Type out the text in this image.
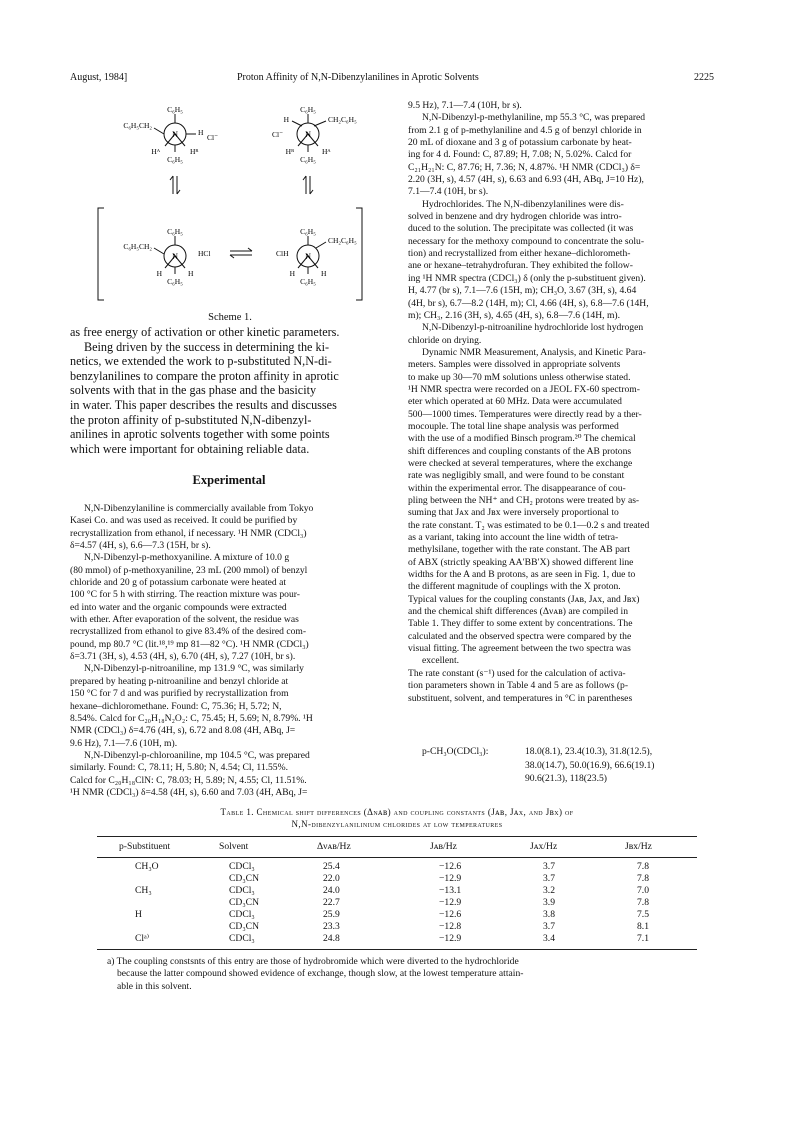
August, 1984]	Proton Affinity of N,N-Dibenzylanilines in Aprotic Solvents	2225
N
C₆H₅
C₆H₅CH₂
H
Cl⁻
Hᴬ	Hᴮ
C₆H₅
N
C₆H₅
H	CH₂C₆H₅
Cl⁻
Hᴮ	Hᴬ
C₆H₅
N
C₆H₅
C₆H₅CH₂
HCl
H	H
C₆H₅
N
C₆H₅
CH₂C₆H₅
ClH
H	H
C₆H₅
Scheme 1.

as free energy of activation or other kinetic parameters.

Being driven by the success in determining the ki-

netics, we extended the work to p-substituted N,N-di-

benzylanilines to compare the proton affinity in aprotic

solvents with that in the gas phase and the basicity

in water. This paper describes the results and discusses

the proton affinity of p-substituted N,N-dibenzyl-

anilines in aprotic solvents together with some points

which were important for obtaining reliable data.

Experimental

N,N-Dibenzylaniline is commercially available from Tokyo

Kasei Co. and was used as received. It could be purified by

recrystallization from ethanol, if necessary. ¹H NMR (CDCl₃)

δ=4.57 (4H, s), 6.6—7.3 (15H, br s).

N,N-Dibenzyl-p-methoxyaniline. A mixture of 10.0 g

(80 mmol) of p-methoxyaniline, 23 mL (200 mmol) of benzyl

chloride and 20 g of potassium carbonate were heated at

100 °C for 5 h with stirring. The reaction mixture was pour-

ed into water and the organic compounds were extracted

with ether. After evaporation of the solvent, the residue was

recrystallized from ethanol to give 83.4% of the desired com-

pound, mp 80.7 °C (lit.¹⁸,¹⁹ mp 81—82 °C). ¹H NMR (CDCl₃)

δ=3.71 (3H, s), 4.53 (4H, s), 6.70 (4H, s), 7.27 (10H, br s).

N,N-Dibenzyl-p-nitroaniline, mp 131.9 °C, was similarly

prepared by heating p-nitroaniline and benzyl chloride at

150 °C for 7 d and was purified by recrystallization from

hexane–dichloromethane. Found: C, 75.36; H, 5.72; N,

8.54%. Calcd for C₂₀H₁₈N₂O₂: C, 75.45; H, 5.69; N, 8.79%. ¹H

NMR (CDCl₃) δ=4.76 (4H, s), 6.72 and 8.08 (4H, ABq, J=

9.6 Hz), 7.1—7.6 (10H, m).

N,N-Dibenzyl-p-chloroaniline, mp 104.5 °C, was prepared

similarly. Found: C, 78.11; H, 5.80; N, 4.54; Cl, 11.55%.

Calcd for C₂₀H₁₈ClN: C, 78.03; H, 5.89; N, 4.55; Cl, 11.51%.

¹H NMR (CDCl₃) δ=4.58 (4H, s), 6.60 and 7.03 (4H, ABq, J=

9.5 Hz), 7.1—7.4 (10H, br s).

N,N-Dibenzyl-p-methylaniline, mp 55.3 °C, was prepared

from 2.1 g of p-methylaniline and 4.5 g of benzyl chloride in

20 mL of dioxane and 3 g of potassium carbonate by heat-

ing for 4 d. Found: C, 87.89; H, 7.08; N, 5.02%. Calcd for

C₂₁H₂₁N: C, 87.76; H, 7.36; N, 4.87%. ¹H NMR (CDCl₃) δ=

2.20 (3H, s), 4.57 (4H, s), 6.63 and 6.93 (4H, ABq, J=10 Hz),

7.1—7.4 (10H, br s).

Hydrochlorides. The N,N-dibenzylanilines were dis-

solved in benzene and dry hydrogen chloride was intro-

duced to the solution. The precipitate was collected (it was

necessary for the methoxy compound to concentrate the solu-

tion) and recrystallized from either hexane–dichlorometh-

ane or hexane–tetrahydrofuran. They exhibited the follow-

ing ¹H NMR spectra (CDCl₃) δ (only the p-substituent given).

H, 4.77 (br s), 7.1—7.6 (15H, m); CH₃O, 3.67 (3H, s), 4.64

(4H, br s), 6.7—8.2 (14H, m); Cl, 4.66 (4H, s), 6.8—7.6 (14H,

m); CH₃, 2.16 (3H, s), 4.65 (4H, s), 6.8—7.6 (14H, m).

N,N-Dibenzyl-p-nitroaniline hydrochloride lost hydrogen

chloride on drying.

Dynamic NMR Measurement, Analysis, and Kinetic Para-

meters. Samples were dissolved in appropriate solvents

to make up 30—70 mM solutions unless otherwise stated.

¹H NMR spectra were recorded on a JEOL FX-60 spectrom-

eter which operated at 60 MHz. Data were accumulated

500—1000 times. Temperatures were directly read by a ther-

mocouple. The total line shape analysis was performed

with the use of a modified Binsch program.²⁰ The chemical

shift differences and coupling constants of the AB protons

were checked at several temperatures, where the exchange

rate was negligibly small, and were found to be constant

within the experimental error. The disappearance of cou-

pling between the NH⁺ and CH₂ protons were treated by as-

suming that Jᴀx and Jʙx were inversely proportional to

the rate constant. T₂ was estimated to be 0.1—0.2 s and treated

as a variant, taking into account the line width of tetra-

methylsilane, together with the rate constant. The AB part

of ABX (strictly speaking AA′BB′X) showed different line

widths for the A and B protons, as are seen in Fig. 1, due to

the different magnitude of couplings with the X proton.

Typical values for the coupling constants (Jᴀʙ, Jᴀx, and Jʙx)

and the chemical shift differences (Δνᴀʙ) are compiled in

Table 1. They differ to some extent by concentrations. The

calculated and the observed spectra were compared by the

visual fitting. The agreement between the two spectra was

excellent.

The rate constant (s⁻¹) used for the calculation of activa-

tion parameters shown in Table 4 and 5 are as follows (p-

substituent, solvent, and temperatures in °C in parentheses

p-CH₃O(CDCl₃):	18.0(8.1), 23.4(10.3), 31.8(12.5),
38.0(14.7), 50.0(16.9), 66.6(19.1)
90.6(21.3), 118(23.5)
Table 1. Chemical shift differences (Δνᴀʙ) and coupling constants (Jᴀʙ, Jᴀx, and Jʙx) of
N,N-dibenzylanilinium chlorides at low temperatures
p-Substituent	Solvent	Δνᴀʙ/Hz	Jᴀʙ/Hz	Jᴀx/Hz	Jʙx/Hz
CH₃O	CDCl₃	25.4	−12.6	3.7	7.8
	CD₃CN	22.0	−12.9	3.7	7.8
CH₃	CDCl₃	24.0	−13.1	3.2	7.0
	CD₃CN	22.7	−12.9	3.9	7.8
H	CDCl₃	25.9	−12.6	3.8	7.5
	CD₃CN	23.3	−12.8	3.7	8.1
Clᵃ⁾	CDCl₃	24.8	−12.9	3.4	7.1
a) The coupling constsnts of this entry are those of hydrobromide which were diverted to the hydrochloride
because the latter compound showed evidence of exchange, though slow, at the lowest temperature attain-
able in this solvent.
